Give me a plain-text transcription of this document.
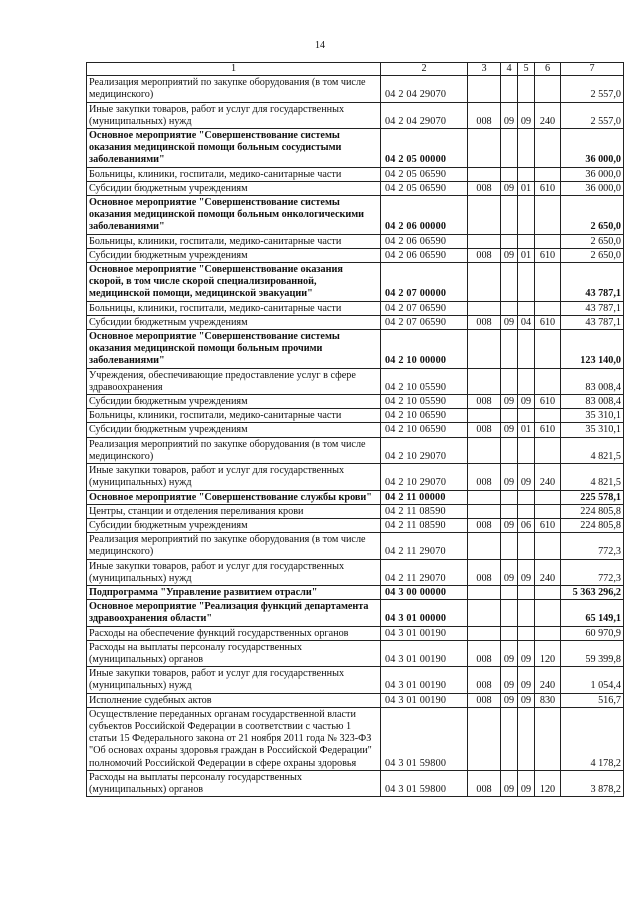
14
1	2	3	4	5	6	7
Реализация мероприятий по закупке оборудования (в том числе медицинского)	04 2 04 29070					2 557,0
Иные закупки товаров, работ и услуг для государственных (муниципальных) нужд	04 2 04 29070	008	09	09	240	2 557,0
Основное мероприятие "Совершенствование системы оказания медицинской помощи больным сосудистыми заболеваниями"	04 2 05 00000					36 000,0
Больницы, клиники, госпитали, медико-санитарные части	04 2 05 06590					36 000,0
Субсидии бюджетным учреждениям	04 2 05 06590	008	09	01	610	36 000,0
Основное мероприятие "Совершенствование системы оказания медицинской помощи больным онкологическими заболеваниями"	04 2 06 00000					2 650,0
Больницы, клиники, госпитали, медико-санитарные части	04 2 06 06590					2 650,0
Субсидии бюджетным учреждениям	04 2 06 06590	008	09	01	610	2 650,0
Основное мероприятие "Совершенствование оказания скорой, в том числе скорой специализированной, медицинской помощи, медицинской эвакуации"	04 2 07 00000					43 787,1
Больницы, клиники, госпитали, медико-санитарные части	04 2 07 06590					43 787,1
Субсидии бюджетным учреждениям	04 2 07 06590	008	09	04	610	43 787,1
Основное мероприятие "Совершенствование системы оказания медицинской помощи больным прочими заболеваниями"	04 2 10 00000					123 140,0
Учреждения, обеспечивающие предоставление услуг в сфере здравоохранения	04 2 10 05590					83 008,4
Субсидии бюджетным учреждениям	04 2 10 05590	008	09	09	610	83 008,4
Больницы, клиники, госпитали, медико-санитарные части	04 2 10 06590					35 310,1
Субсидии бюджетным учреждениям	04 2 10 06590	008	09	01	610	35 310,1
Реализация мероприятий по закупке оборудования (в том числе медицинского)	04 2 10 29070					4 821,5
Иные закупки товаров, работ и услуг для государственных (муниципальных) нужд	04 2 10 29070	008	09	09	240	4 821,5
Основное мероприятие "Совершенствование службы крови"	04 2 11 00000					225 578,1
Центры, станции и отделения переливания крови	04 2 11 08590					224 805,8
Субсидии бюджетным учреждениям	04 2 11 08590	008	09	06	610	224 805,8
Реализация мероприятий по закупке оборудования (в том числе медицинского)	04 2 11 29070					772,3
Иные закупки товаров, работ и услуг для государственных (муниципальных) нужд	04 2 11 29070	008	09	09	240	772,3
Подпрограмма "Управление развитием отрасли"	04 3 00 00000					5 363 296,2
Основное мероприятие "Реализация функций департамента здравоохранения области"	04 3 01 00000					65 149,1
Расходы на обеспечение функций государственных органов	04 3 01 00190					60 970,9
Расходы на выплаты персоналу государственных (муниципальных) органов	04 3 01 00190	008	09	09	120	59 399,8
Иные закупки товаров, работ и услуг для государственных (муниципальных) нужд	04 3 01 00190	008	09	09	240	1 054,4
Исполнение судебных актов	04 3 01 00190	008	09	09	830	516,7
Осуществление переданных органам государственной власти субъектов Российской Федерации в соответствии с частью 1 статьи 15 Федерального закона от 21 ноября 2011 года № 323-ФЗ "Об основах охраны здоровья граждан в Российской Федерации" полномочий Российской Федерации в сфере охраны здоровья	04 3 01 59800					4 178,2
Расходы на выплаты персоналу государственных (муниципальных) органов	04 3 01 59800	008	09	09	120	3 878,2
